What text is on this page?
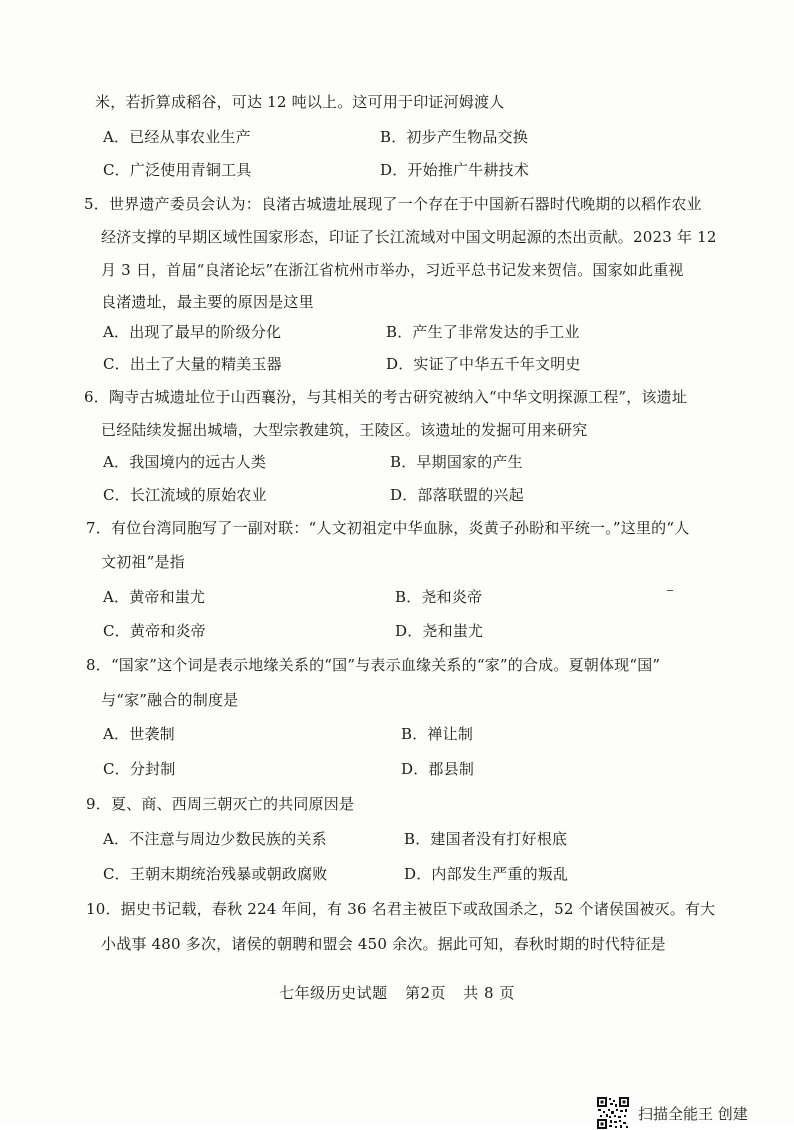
米，若折算成稻谷，可达 12 吨以上。这可用于印证河姆渡人
A．已经从事农业生产	B．初步产生物品交换
C．广泛使用青铜工具	D．开始推广牛耕技术
5．世界遗产委员会认为：良渚古城遗址展现了一个存在于中国新石器时代晚期的以稻作农业
经济支撑的早期区域性国家形态，印证了长江流域对中国文明起源的杰出贡献。2023 年 12
月 3 日，首届“良渚论坛”在浙江省杭州市举办，习近平总书记发来贺信。国家如此重视
良渚遗址，最主要的原因是这里
A．出现了最早的阶级分化	B．产生了非常发达的手工业
C．出土了大量的精美玉器	D．实证了中华五千年文明史
6．陶寺古城遗址位于山西襄汾，与其相关的考古研究被纳入“中华文明探源工程”，该遗址
已经陆续发掘出城墙，大型宗教建筑，王陵区。该遗址的发掘可用来研究
A．我国境内的远古人类	B．早期国家的产生
C．长江流域的原始农业	D．部落联盟的兴起
7．有位台湾同胞写了一副对联：“人文初祖定中华血脉，炎黄子孙盼和平统一。”这里的“人
文初祖”是指
A．黄帝和蚩尤	B．尧和炎帝
C．黄帝和炎帝	D．尧和蚩尤
8．“国家”这个词是表示地缘关系的“国”与表示血缘关系的“家”的合成。夏朝体现“国”
与“家”融合的制度是
A．世袭制	B．禅让制
C．分封制	D．郡县制
9．夏、商、西周三朝灭亡的共同原因是
A．不注意与周边少数民族的关系	B．建国者没有打好根底
C．王朝末期统治残暴或朝政腐败	D．内部发生严重的叛乱
10．据史书记载，春秋 224 年间，有 36 名君主被臣下或敌国杀之，52 个诸侯国被灭。有大
小战事 480 多次，诸侯的朝聘和盟会 450 余次。据此可知，春秋时期的时代特征是
七年级历史试题 第2页 共 8 页
扫描全能王 创建
